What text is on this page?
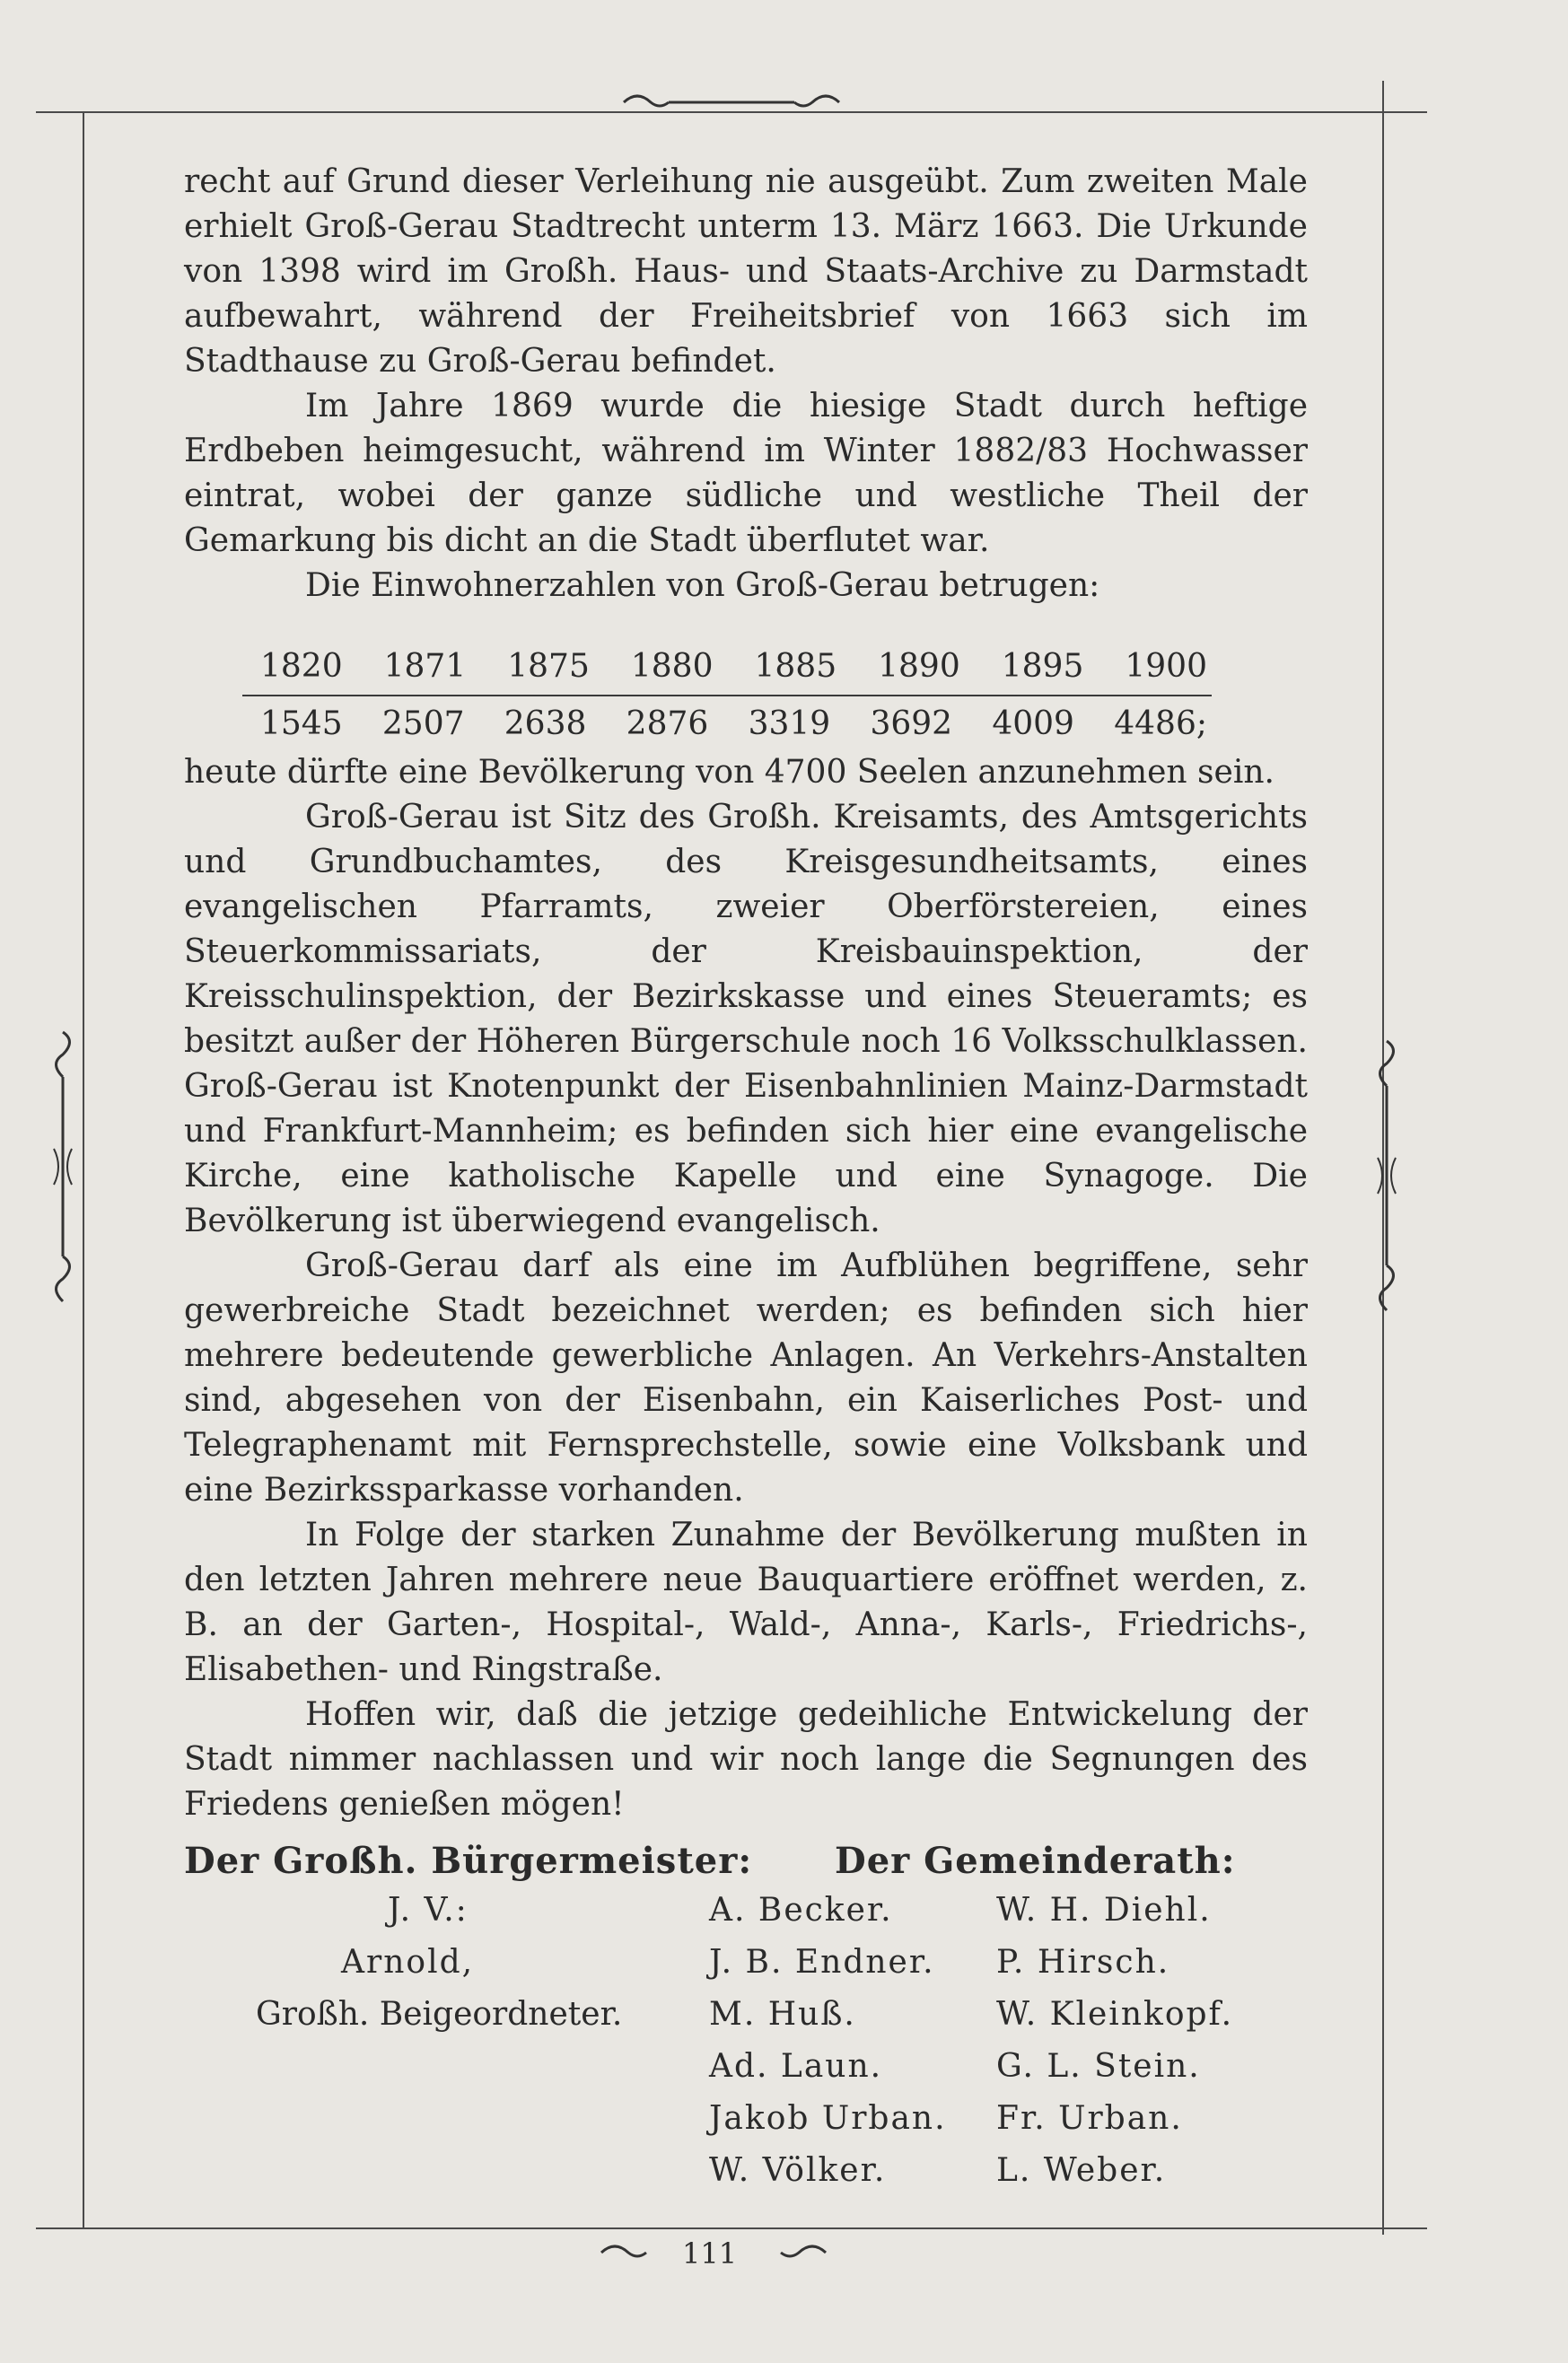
recht auf Grund dieser Verleihung nie ausgeübt. Zum zweiten Male erhielt Groß-Gerau Stadtrecht unterm 13. März 1663. Die Urkunde von 1398 wird im Großh. Haus- und Staats-Archive zu Darmstadt aufbewahrt, während der Freiheitsbrief von 1663 sich im Stadthause zu Groß-Gerau befindet.

Im Jahre 1869 wurde die hiesige Stadt durch heftige Erdbeben heimgesucht, während im Winter 1882/83 Hochwasser eintrat, wobei der ganze südliche und westliche Theil der Gemarkung bis dicht an die Stadt überflutet war.

Die Einwohnerzahlen von Groß-Gerau betrugen:

1820 1871 1875 1880 1885 1890 1895 1900
1545 2507 2638 2876 3319 3692 4009 4486;

heute dürfte eine Bevölkerung von 4700 Seelen anzunehmen sein.

Groß-Gerau ist Sitz des Großh. Kreisamts, des Amtsgerichts und Grundbuchamtes, des Kreisgesundheitsamts, eines evangelischen Pfarramts, zweier Oberförstereien, eines Steuerkommissariats, der Kreisbauinspektion, der Kreisschulinspektion, der Bezirkskasse und eines Steueramts; es besitzt außer der Höheren Bürgerschule noch 16 Volksschulklassen. Groß-Gerau ist Knotenpunkt der Eisenbahnlinien Mainz-Darmstadt und Frankfurt-Mannheim; es befinden sich hier eine evangelische Kirche, eine katholische Kapelle und eine Synagoge. Die Bevölkerung ist überwiegend evangelisch.

Groß-Gerau darf als eine im Aufblühen begriffene, sehr gewerbreiche Stadt bezeichnet werden; es befinden sich hier mehrere bedeutende gewerbliche Anlagen. An Verkehrs-Anstalten sind, abgesehen von der Eisenbahn, ein Kaiserliches Post- und Telegraphenamt mit Fernsprechstelle, sowie eine Volksbank und eine Bezirkssparkasse vorhanden.

In Folge der starken Zunahme der Bevölkerung mußten in den letzten Jahren mehrere neue Bauquartiere eröffnet werden, z. B. an der Garten-, Hospital-, Wald-, Anna-, Karls-, Friedrichs-, Elisabethen- und Ringstraße.

Hoffen wir, daß die jetzige gedeihliche Entwickelung der Stadt nimmer nachlassen und wir noch lange die Segnungen des Friedens genießen mögen!

Der Großh. Bürgermeister:
J. V.:
Arnold,
Großh. Beigeordneter.
Der Gemeinderath:
A. Becker.
J. B. Endner.
M. Huß.
Ad. Laun.
Jakob Urban.
W. Völker.
W. H. Diehl.
P. Hirsch.
W. Kleinkopf.
G. L. Stein.
Fr. Urban.
L. Weber.
111
